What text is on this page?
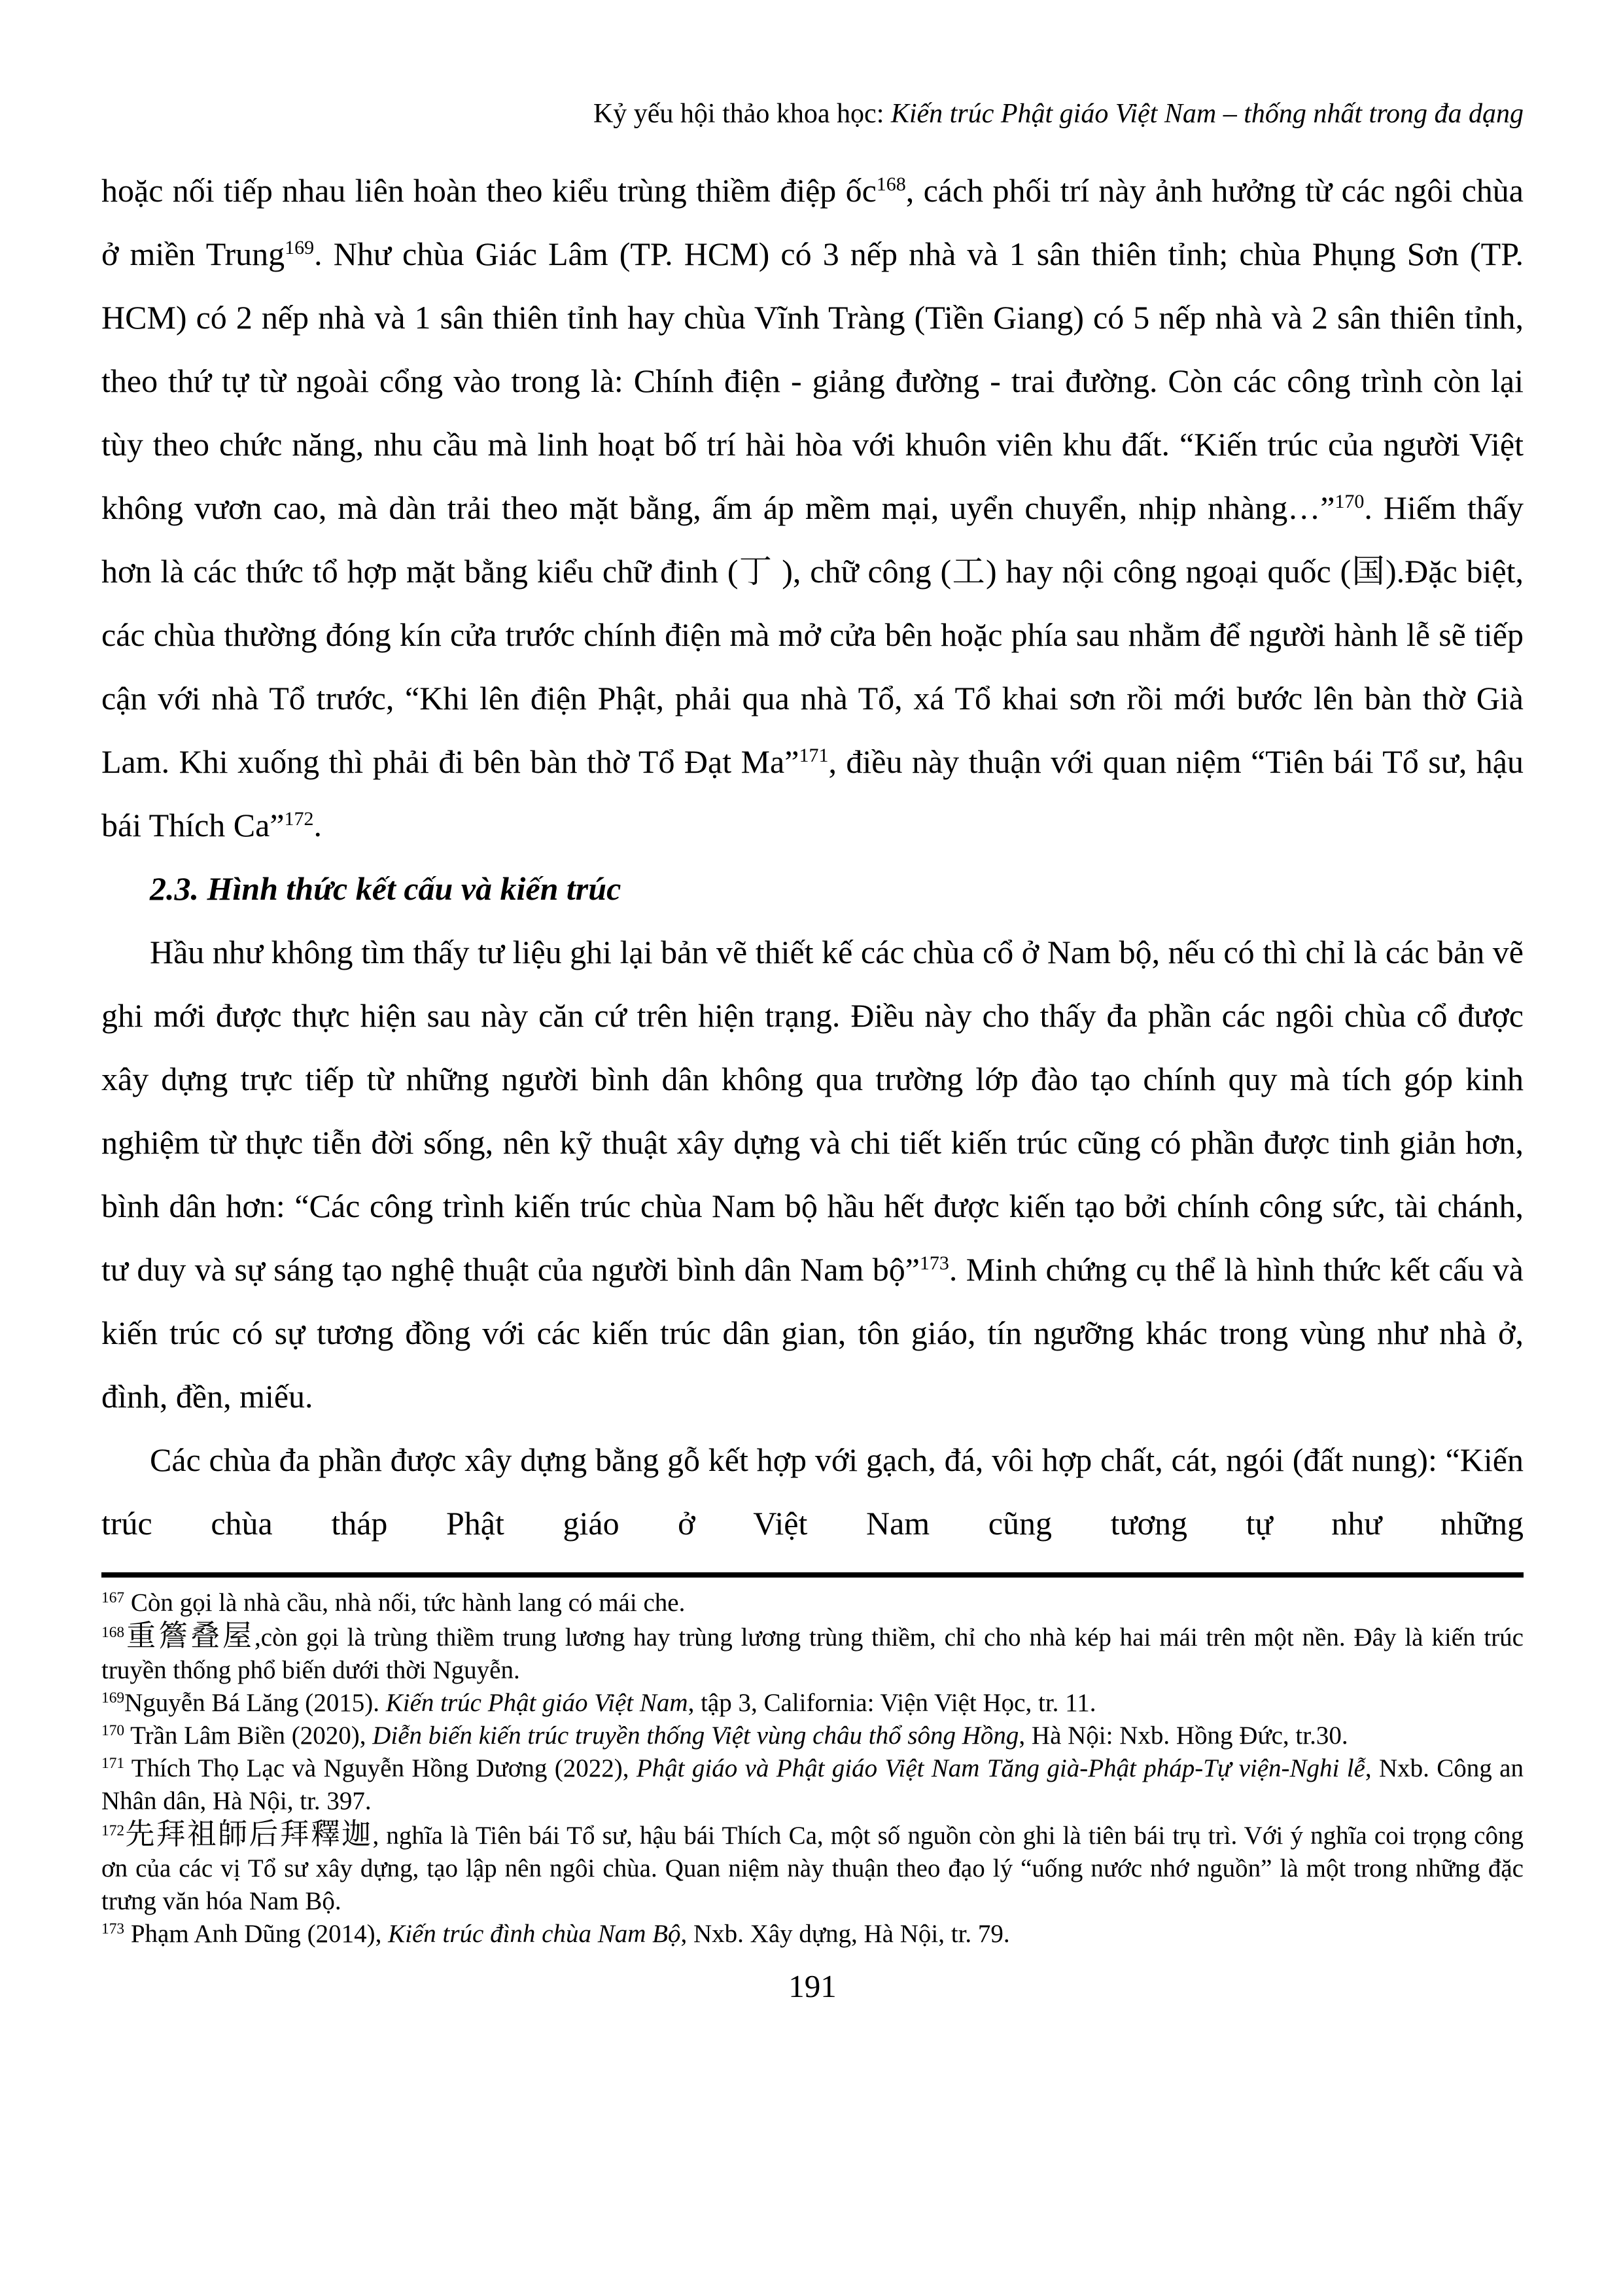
Kỷ yếu hội thảo khoa học: Kiến trúc Phật giáo Việt Nam – thống nhất trong đa dạng

hoặc nối tiếp nhau liên hoàn theo kiểu trùng thiềm điệp ốc$^{168}$, cách phối trí này ảnh hưởng từ các ngôi chùa ở miền Trung$^{169}$. Như chùa Giác Lâm (TP. HCM) có 3 nếp nhà và 1 sân thiên tỉnh; chùa Phụng Sơn (TP. HCM) có 2 nếp nhà và 1 sân thiên tỉnh hay chùa Vĩnh Tràng (Tiền Giang) có 5 nếp nhà và 2 sân thiên tỉnh, theo thứ tự từ ngoài cổng vào trong là: Chính điện - giảng đường - trai đường. Còn các công trình còn lại tùy theo chức năng, nhu cầu mà linh hoạt bố trí hài hòa với khuôn viên khu đất. “Kiến trúc của người Việt không vươn cao, mà dàn trải theo mặt bằng, ấm áp mềm mại, uyển chuyển, nhịp nhàng…”$^{170}$. Hiếm thấy hơn là các thức tổ hợp mặt bằng kiểu chữ đinh (丁 ), chữ công (工) hay nội công ngoại quốc (国).Đặc biệt, các chùa thường đóng kín cửa trước chính điện mà mở cửa bên hoặc phía sau nhằm để người hành lễ sẽ tiếp cận với nhà Tổ trước, “Khi lên điện Phật, phải qua nhà Tổ, xá Tổ khai sơn rồi mới bước lên bàn thờ Già Lam. Khi xuống thì phải đi bên bàn thờ Tổ Đạt Ma”$^{171}$, điều này thuận với quan niệm “Tiên bái Tổ sư, hậu bái Thích Ca”$^{172}$.

2.3. Hình thức kết cấu và kiến trúc

Hầu như không tìm thấy tư liệu ghi lại bản vẽ thiết kế các chùa cổ ở Nam bộ, nếu có thì chỉ là các bản vẽ ghi mới được thực hiện sau này căn cứ trên hiện trạng. Điều này cho thấy đa phần các ngôi chùa cổ được xây dựng trực tiếp từ những người bình dân không qua trường lớp đào tạo chính quy mà tích góp kinh nghiệm từ thực tiễn đời sống, nên kỹ thuật xây dựng và chi tiết kiến trúc cũng có phần được tinh giản hơn, bình dân hơn: “Các công trình kiến trúc chùa Nam bộ hầu hết được kiến tạo bởi chính công sức, tài chánh, tư duy và sự sáng tạo nghệ thuật của người bình dân Nam bộ”$^{173}$. Minh chứng cụ thể là hình thức kết cấu và kiến trúc có sự tương đồng với các kiến trúc dân gian, tôn giáo, tín ngưỡng khác trong vùng như nhà ở, đình, đền, miếu.

Các chùa đa phần được xây dựng bằng gỗ kết hợp với gạch, đá, vôi hợp chất, cát, ngói (đất nung): “Kiến trúc chùa tháp Phật giáo ở Việt Nam cũng tương tự như những

$^{167}$ Còn gọi là nhà cầu, nhà nối, tức hành lang có mái che.
$^{168}$重簷叠屋,còn gọi là trùng thiềm trung lương hay trùng lương trùng thiềm, chỉ cho nhà kép hai mái trên một nền. Đây là kiến trúc truyền thống phổ biến dưới thời Nguyễn.
$^{169}$Nguyễn Bá Lăng (2015). Kiến trúc Phật giáo Việt Nam, tập 3, California: Viện Việt Học, tr. 11.
$^{170}$ Trần Lâm Biền (2020), Diễn biến kiến trúc truyền thống Việt vùng châu thổ sông Hồng, Hà Nội: Nxb. Hồng Đức, tr.30.
$^{171}$ Thích Thọ Lạc và Nguyễn Hồng Dương (2022), Phật giáo và Phật giáo Việt Nam Tăng già-Phật pháp-Tự viện-Nghi lễ, Nxb. Công an Nhân dân, Hà Nội, tr. 397.
$^{172}$先拜祖師后拜釋迦, nghĩa là Tiên bái Tổ sư, hậu bái Thích Ca, một số nguồn còn ghi là tiên bái trụ trì. Với ý nghĩa coi trọng công ơn của các vị Tổ sư xây dựng, tạo lập nên ngôi chùa. Quan niệm này thuận theo đạo lý “uống nước nhớ nguồn” là một trong những đặc trưng văn hóa Nam Bộ.
$^{173}$ Phạm Anh Dũng (2014), Kiến trúc đình chùa Nam Bộ, Nxb. Xây dựng, Hà Nội, tr. 79.
191
